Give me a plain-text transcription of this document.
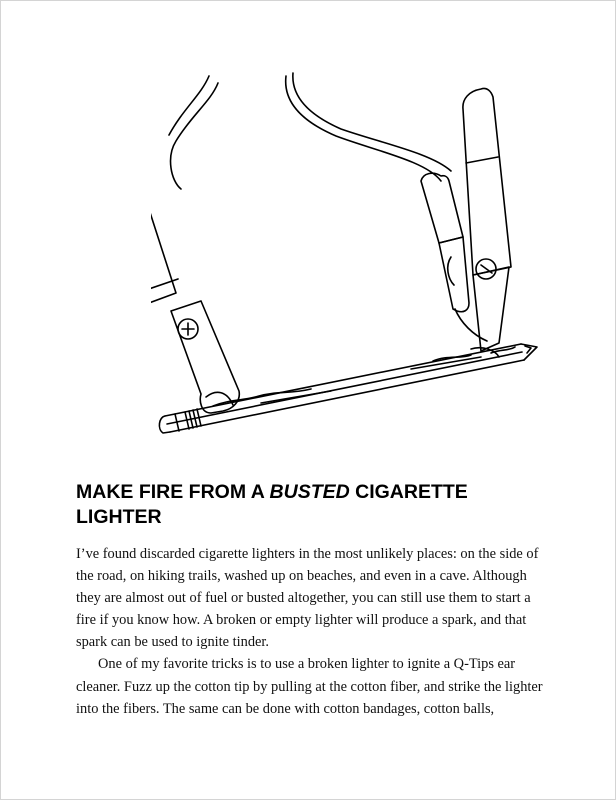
MAKE FIRE FROM A BUSTED CIGARETTE LIGHTER

I’ve found discarded cigarette lighters in the most unlikely places: on the side of the road, on hiking trails, washed up on beaches, and even in a cave. Although they are almost out of fuel or busted altogether, you can still use them to start a fire if you know how. A broken or empty lighter will produce a spark, and that spark can be used to ignite tinder.

One of my favorite tricks is to use a broken lighter to ignite a Q-Tips ear cleaner. Fuzz up the cotton tip by pulling at the cotton fiber, and strike the lighter into the fibers. The same can be done with cotton bandages, cotton balls,
